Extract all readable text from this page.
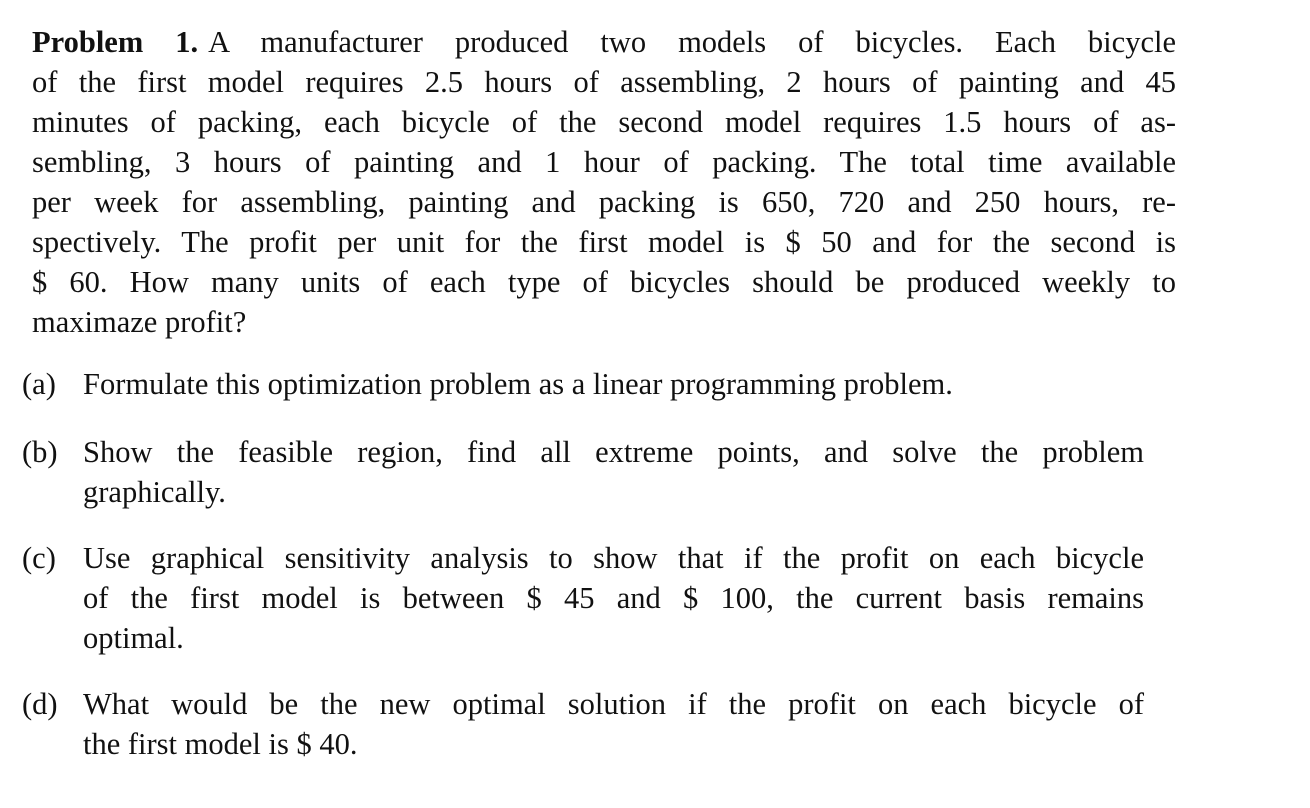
Problem 1. A manufacturer produced two models of bicycles. Each bicycle
of the first model requires 2.5 hours of assembling, 2 hours of painting and 45
minutes of packing, each bicycle of the second model requires 1.5 hours of as-
sembling, 3 hours of painting and 1 hour of packing. The total time available
per week for assembling, painting and packing is 650, 720 and 250 hours, re-
spectively. The profit per unit for the first model is $ 50 and for the second is
$ 60. How many units of each type of bicycles should be produced weekly to
maximaze profit?

(a) Formulate this optimization problem as a linear programming problem.
(b) Show the feasible region, find all extreme points, and solve the problem
graphically.
(c) Use graphical sensitivity analysis to show that if the profit on each bicycle
of the first model is between $ 45 and $ 100, the current basis remains
optimal.
(d) What would be the new optimal solution if the profit on each bicycle of
the first model is $ 40.
